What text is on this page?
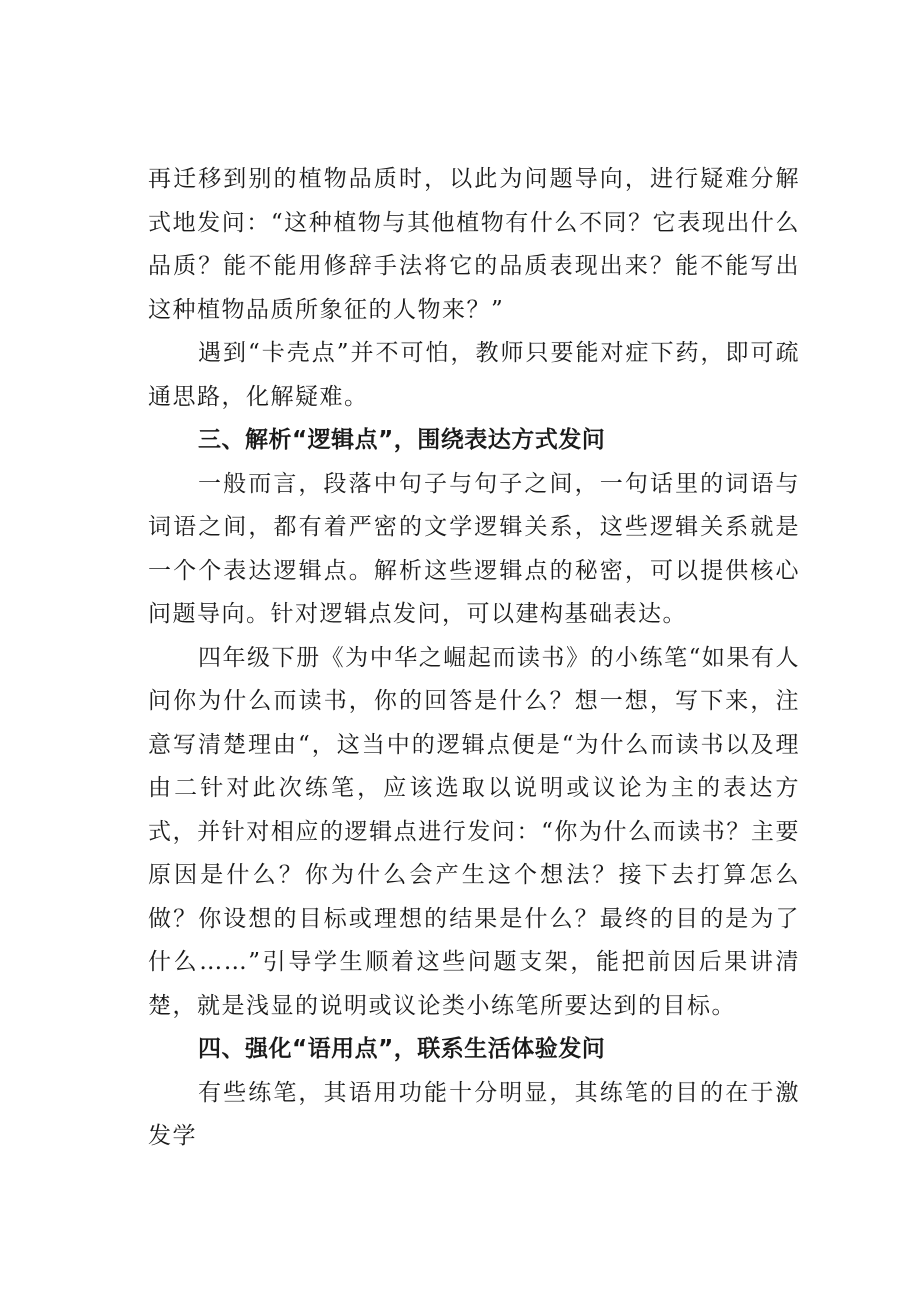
再迁移到别的植物品质时，以此为问题导向，进行疑难分解式地发问：“这种植物与其他植物有什么不同？它表现出什么品质？能不能用修辞手法将它的品质表现出来？能不能写出这种植物品质所象征的人物来？”

遇到“卡壳点”并不可怕，教师只要能对症下药，即可疏通思路，化解疑难。

三、解析“逻辑点”，围绕表达方式发问

一般而言，段落中句子与句子之间，一句话里的词语与词语之间，都有着严密的文学逻辑关系，这些逻辑关系就是一个个表达逻辑点。解析这些逻辑点的秘密，可以提供核心问题导向。针对逻辑点发问，可以建构基础表达。

四年级下册《为中华之崛起而读书》的小练笔“如果有人问你为什么而读书，你的回答是什么？想一想，写下来，注意写清楚理由“，这当中的逻辑点便是“为什么而读书以及理由二针对此次练笔，应该选取以说明或议论为主的表达方式，并针对相应的逻辑点进行发问：“你为什么而读书？主要原因是什么？你为什么会产生这个想法？接下去打算怎么做？你设想的目标或理想的结果是什么？最终的目的是为了什么……”引导学生顺着这些问题支架，能把前因后果讲清楚，就是浅显的说明或议论类小练笔所要达到的目标。

四、强化“语用点”，联系生活体验发问

有些练笔，其语用功能十分明显，其练笔的目的在于激发学
